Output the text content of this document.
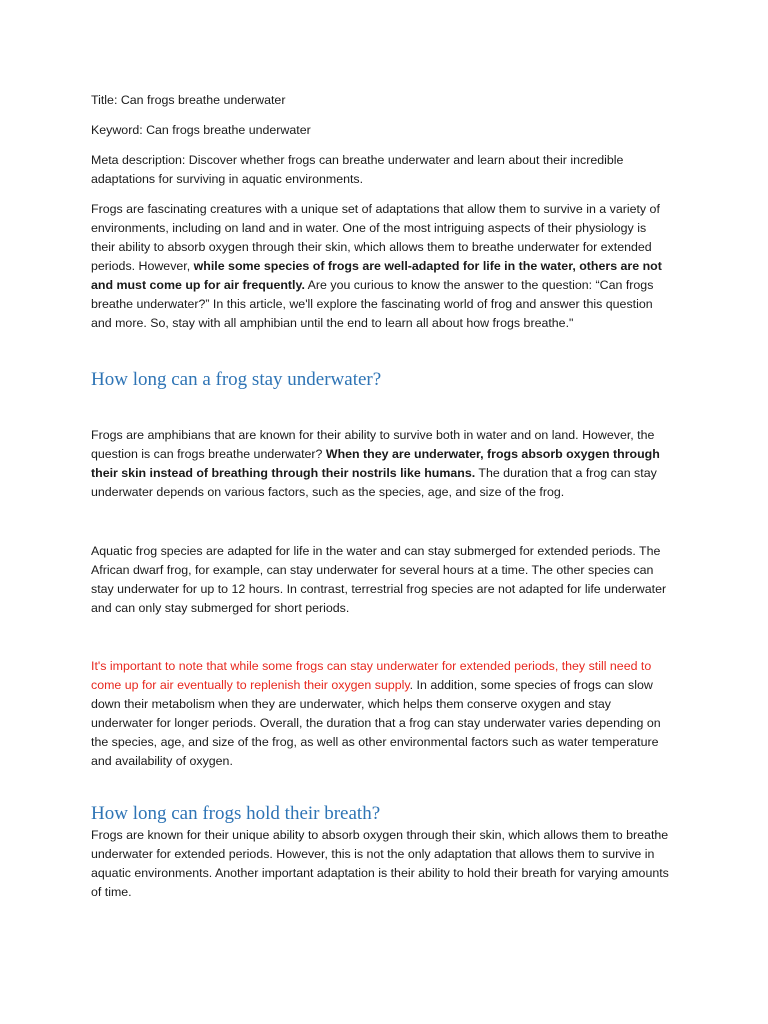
Title: Can frogs breathe underwater

Keyword: Can frogs breathe underwater

Meta description: Discover whether frogs can breathe underwater and learn about their incredible adaptations for surviving in aquatic environments.

Frogs are fascinating creatures with a unique set of adaptations that allow them to survive in a variety of environments, including on land and in water. One of the most intriguing aspects of their physiology is their ability to absorb oxygen through their skin, which allows them to breathe underwater for extended periods. However, while some species of frogs are well-adapted for life in the water, others are not and must come up for air frequently. Are you curious to know the answer to the question: “Can frogs breathe underwater?” In this article, we'll explore the fascinating world of frog and answer this question and more. So, stay with all amphibian until the end to learn all about how frogs breathe."

How long can a frog stay underwater?

Frogs are amphibians that are known for their ability to survive both in water and on land. However, the question is can frogs breathe underwater? When they are underwater, frogs absorb oxygen through their skin instead of breathing through their nostrils like humans. The duration that a frog can stay underwater depends on various factors, such as the species, age, and size of the frog.

Aquatic frog species are adapted for life in the water and can stay submerged for extended periods. The African dwarf frog, for example, can stay underwater for several hours at a time. The other species can stay underwater for up to 12 hours. In contrast, terrestrial frog species are not adapted for life underwater and can only stay submerged for short periods.

It's important to note that while some frogs can stay underwater for extended periods, they still need to come up for air eventually to replenish their oxygen supply. In addition, some species of frogs can slow down their metabolism when they are underwater, which helps them conserve oxygen and stay underwater for longer periods. Overall, the duration that a frog can stay underwater varies depending on the species, age, and size of the frog, as well as other environmental factors such as water temperature and availability of oxygen.

How long can frogs hold their breath?

Frogs are known for their unique ability to absorb oxygen through their skin, which allows them to breathe underwater for extended periods. However, this is not the only adaptation that allows them to survive in aquatic environments. Another important adaptation is their ability to hold their breath for varying amounts of time.
